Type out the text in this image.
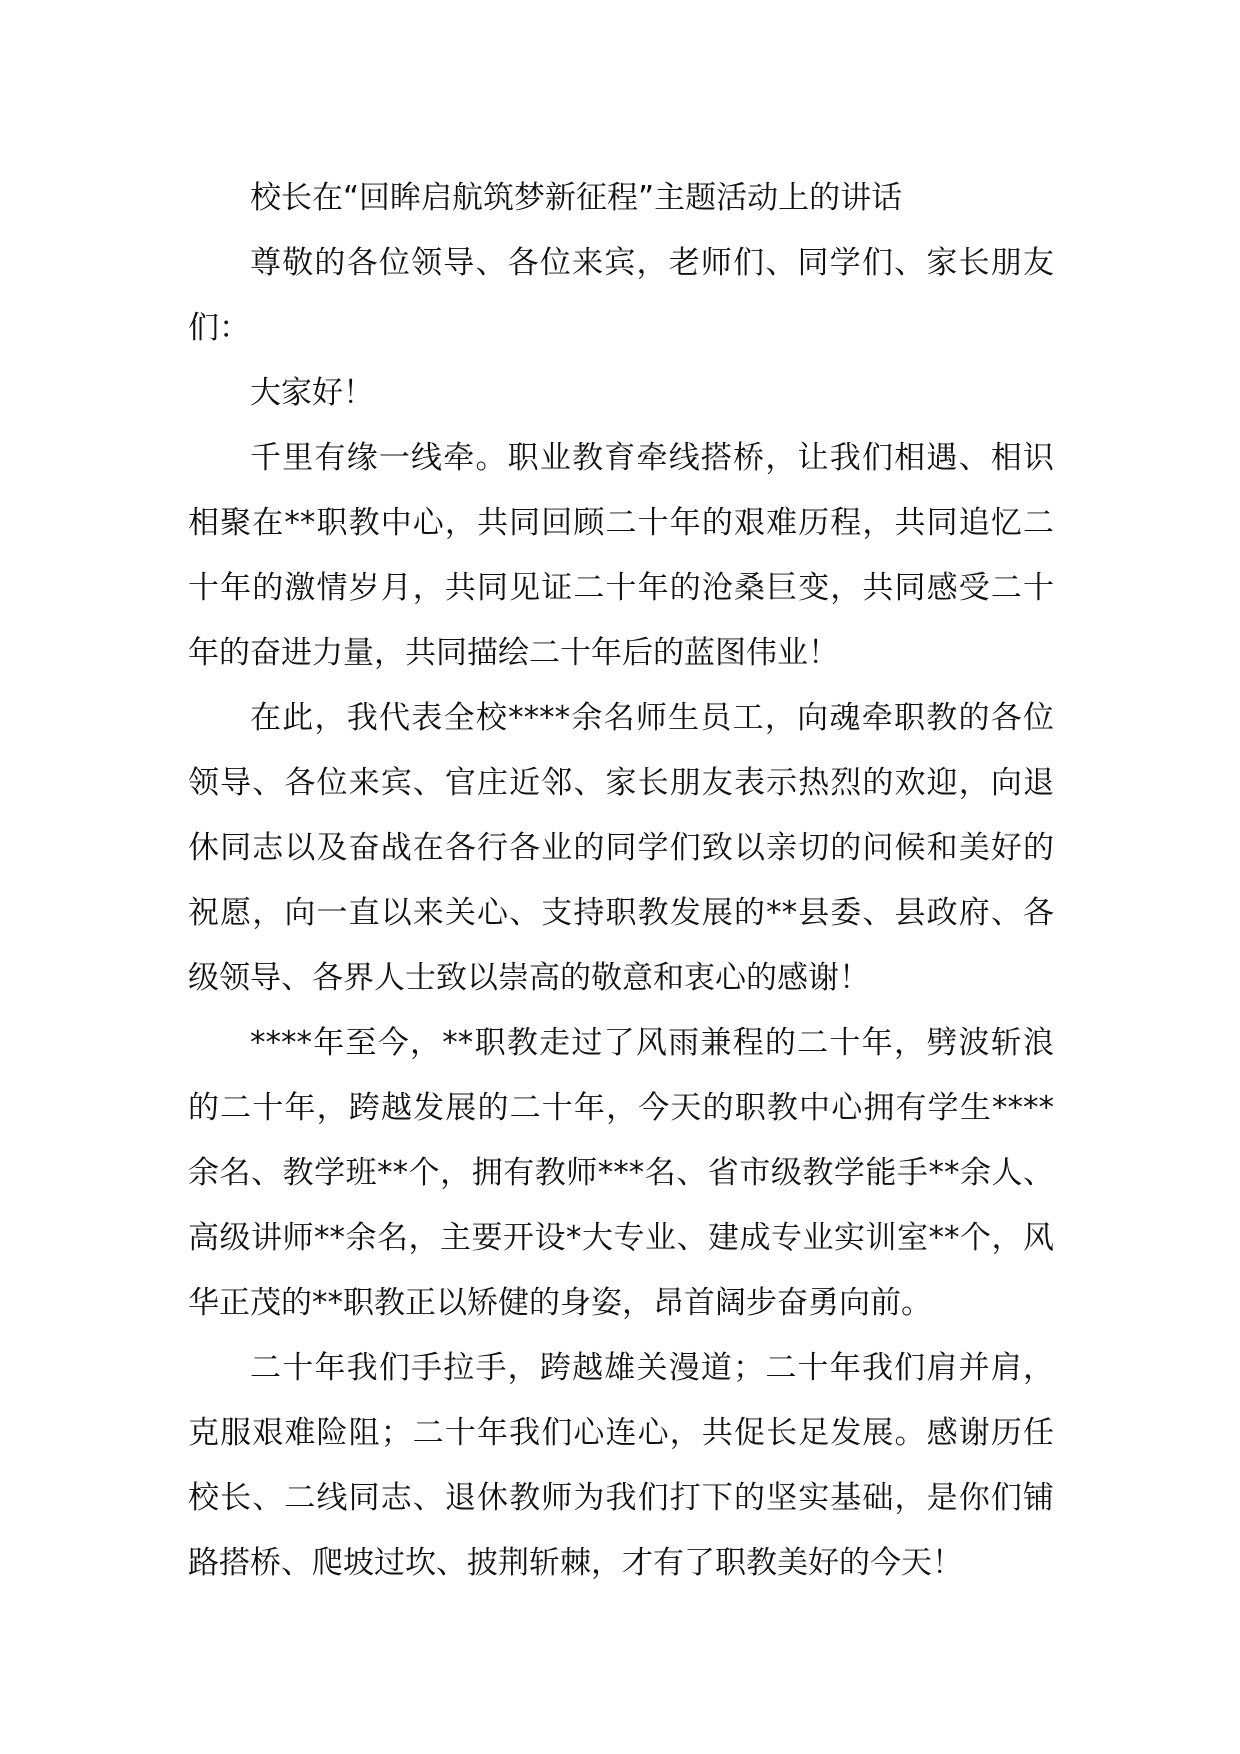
校长在“回眸启航筑梦新征程”主题活动上的讲话

尊敬的各位领导、各位来宾，老师们、同学们、家长朋友们：

大家好！

千里有缘一线牵。职业教育牵线搭桥，让我们相遇、相识相聚在**职教中心，共同回顾二十年的艰难历程，共同追忆二十年的激情岁月，共同见证二十年的沧桑巨变，共同感受二十年的奋进力量，共同描绘二十年后的蓝图伟业！

在此，我代表全校****余名师生员工，向魂牵职教的各位领导、各位来宾、官庄近邻、家长朋友表示热烈的欢迎，向退休同志以及奋战在各行各业的同学们致以亲切的问候和美好的祝愿，向一直以来关心、支持职教发展的**县委、县政府、各级领导、各界人士致以崇高的敬意和衷心的感谢！

****年至今，**职教走过了风雨兼程的二十年，劈波斩浪的二十年，跨越发展的二十年，今天的职教中心拥有学生****余名、教学班**个，拥有教师***名、省市级教学能手**余人、高级讲师**余名，主要开设*大专业、建成专业实训室**个，风华正茂的**职教正以矫健的身姿，昂首阔步奋勇向前。

二十年我们手拉手，跨越雄关漫道；二十年我们肩并肩，克服艰难险阻；二十年我们心连心，共促长足发展。感谢历任校长、二线同志、退休教师为我们打下的坚实基础，是你们铺路搭桥、爬坡过坎、披荆斩棘，才有了职教美好的今天！
